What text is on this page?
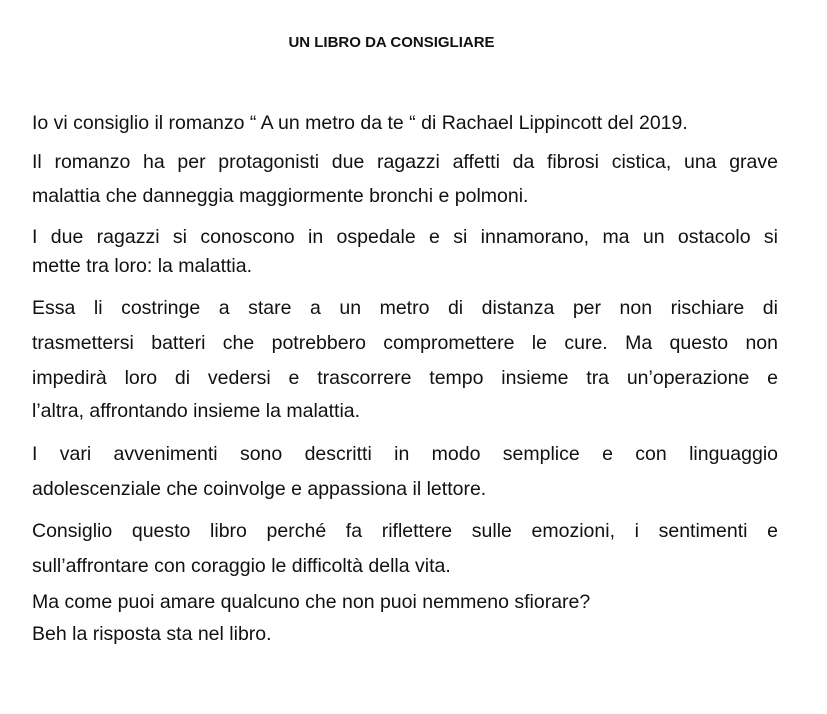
UN LIBRO DA CONSIGLIARE
Io vi consiglio il romanzo “ A un metro da te “ di Rachael Lippincott del 2019.
Il romanzo ha per protagonisti due ragazzi affetti da fibrosi cistica, una grave
malattia che danneggia maggiormente bronchi e polmoni.
I due ragazzi si conoscono in ospedale e si innamorano, ma un ostacolo si
mette tra loro: la malattia.
Essa li costringe a stare a un metro di distanza per non rischiare di
trasmettersi batteri che potrebbero compromettere le cure. Ma questo non
impedirà loro di vedersi e trascorrere tempo insieme tra un’operazione e
l’altra, affrontando insieme la malattia.
I vari avvenimenti sono descritti in modo semplice e con linguaggio
adolescenziale che coinvolge e appassiona il lettore.
Consiglio questo libro perché fa riflettere sulle emozioni, i sentimenti e
sull’affrontare con coraggio le difficoltà della vita.
Ma come puoi amare qualcuno che non puoi nemmeno sfiorare?
Beh la risposta sta nel libro.
